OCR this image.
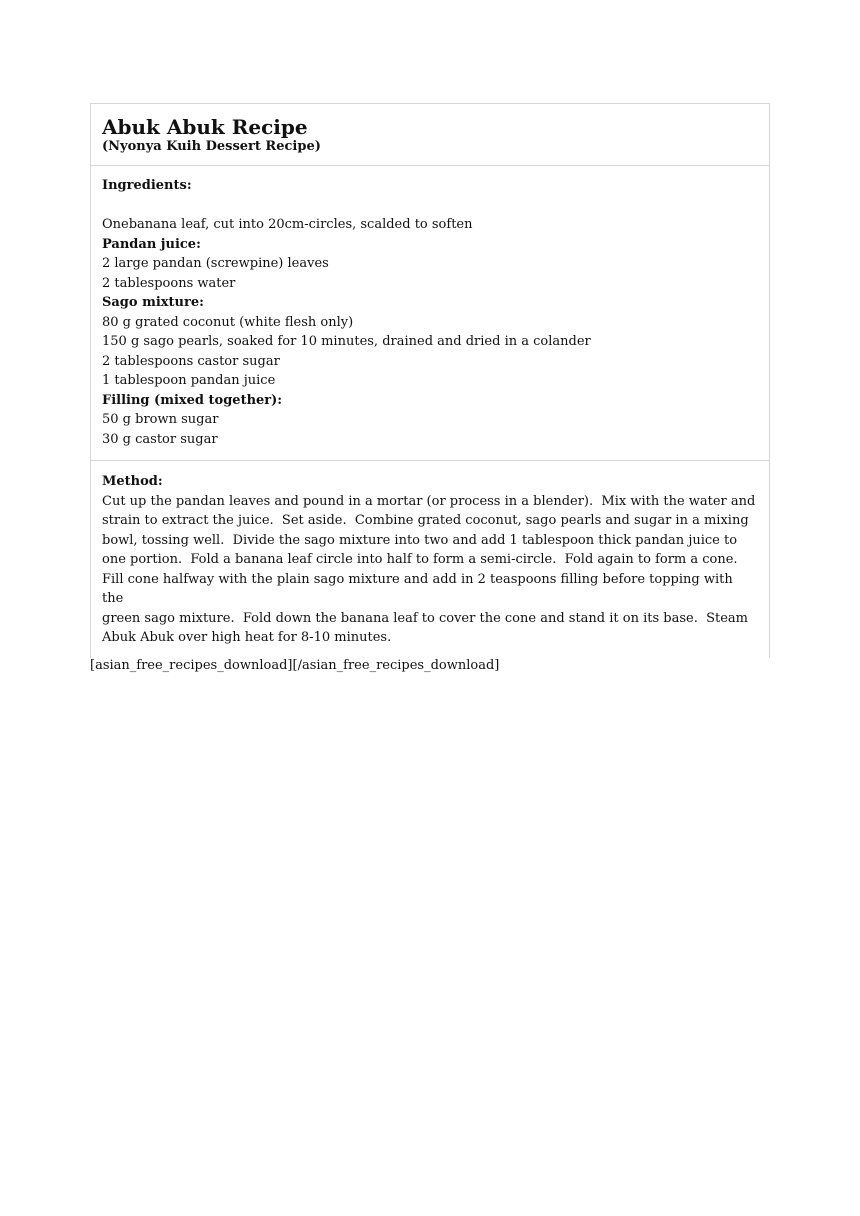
Abuk Abuk Recipe
(Nyonya Kuih Dessert Recipe)
Ingredients:
Onebanana leaf, cut into 20cm-circles, scalded to soften
Pandan juice:
2 large pandan (screwpine) leaves
2 tablespoons water
Sago mixture:
80 g grated coconut (white flesh only)
150 g sago pearls, soaked for 10 minutes, drained and dried in a colander
2 tablespoons castor sugar
1 tablespoon pandan juice
Filling (mixed together):
50 g brown sugar
30 g castor sugar
Method:
Cut up the pandan leaves and pound in a mortar (or process in a blender).  Mix with the water and
strain to extract the juice.  Set aside.  Combine grated coconut, sago pearls and sugar in a mixing
bowl, tossing well.  Divide the sago mixture into two and add 1 tablespoon thick pandan juice to
one portion.  Fold a banana leaf circle into half to form a semi-circle.  Fold again to form a cone.
Fill cone halfway with the plain sago mixture and add in 2 teaspoons filling before topping with the
green sago mixture.  Fold down the banana leaf to cover the cone and stand it on its base.  Steam
Abuk Abuk over high heat for 8-10 minutes.
[asian_free_recipes_download][/asian_free_recipes_download]
